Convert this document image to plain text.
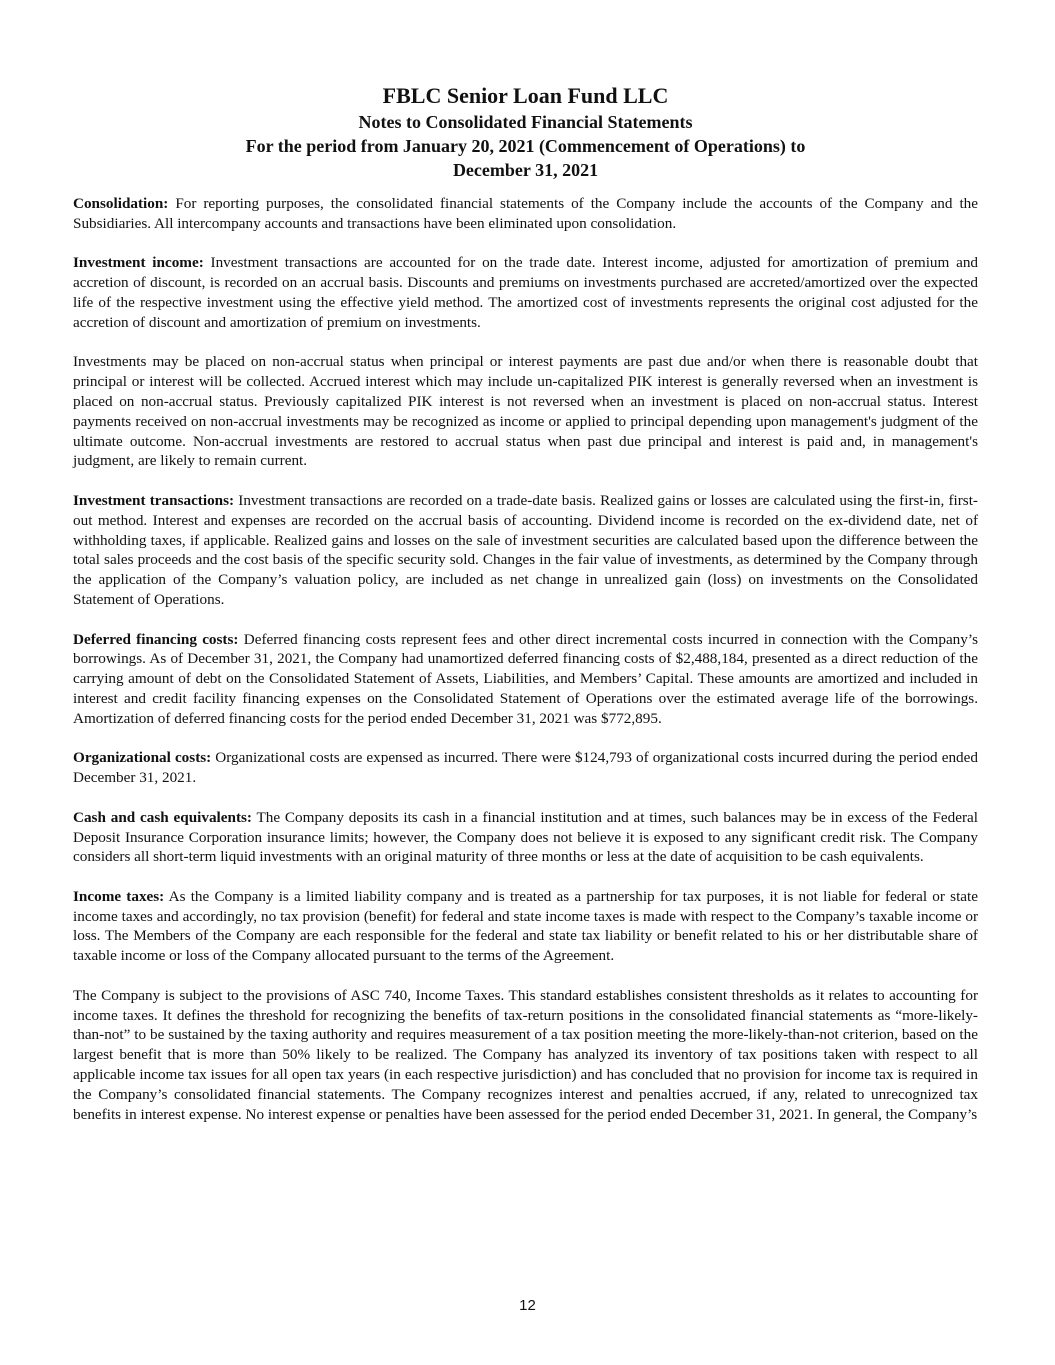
FBLC Senior Loan Fund LLC
Notes to Consolidated Financial Statements
For the period from January 20, 2021 (Commencement of Operations) to
December 31, 2021

Consolidation: For reporting purposes, the consolidated financial statements of the Company include the accounts of the Company and the Subsidiaries. All intercompany accounts and transactions have been eliminated upon consolidation.

Investment income: Investment transactions are accounted for on the trade date. Interest income, adjusted for amortization of premium and accretion of discount, is recorded on an accrual basis. Discounts and premiums on investments purchased are accreted/amortized over the expected life of the respective investment using the effective yield method. The amortized cost of investments represents the original cost adjusted for the accretion of discount and amortization of premium on investments.

Investments may be placed on non-accrual status when principal or interest payments are past due and/or when there is reasonable doubt that principal or interest will be collected. Accrued interest which may include un-capitalized PIK interest is generally reversed when an investment is placed on non-accrual status. Previously capitalized PIK interest is not reversed when an investment is placed on non-accrual status. Interest payments received on non-accrual investments may be recognized as income or applied to principal depending upon management's judgment of the ultimate outcome. Non-accrual investments are restored to accrual status when past due principal and interest is paid and, in management's judgment, are likely to remain current.

Investment transactions: Investment transactions are recorded on a trade-date basis. Realized gains or losses are calculated using the first-in, first-out method. Interest and expenses are recorded on the accrual basis of accounting. Dividend income is recorded on the ex-dividend date, net of withholding taxes, if applicable. Realized gains and losses on the sale of investment securities are calculated based upon the difference between the total sales proceeds and the cost basis of the specific security sold. Changes in the fair value of investments, as determined by the Company through the application of the Company’s valuation policy, are included as net change in unrealized gain (loss) on investments on the Consolidated Statement of Operations.

Deferred financing costs: Deferred financing costs represent fees and other direct incremental costs incurred in connection with the Company’s borrowings. As of December 31, 2021, the Company had unamortized deferred financing costs of $2,488,184, presented as a direct reduction of the carrying amount of debt on the Consolidated Statement of Assets, Liabilities, and Members’ Capital. These amounts are amortized and included in interest and credit facility financing expenses on the Consolidated Statement of Operations over the estimated average life of the borrowings. Amortization of deferred financing costs for the period ended December 31, 2021 was $772,895.

Organizational costs: Organizational costs are expensed as incurred. There were $124,793 of organizational costs incurred during the period ended December 31, 2021.

Cash and cash equivalents: The Company deposits its cash in a financial institution and at times, such balances may be in excess of the Federal Deposit Insurance Corporation insurance limits; however, the Company does not believe it is exposed to any significant credit risk. The Company considers all short-term liquid investments with an original maturity of three months or less at the date of acquisition to be cash equivalents.

Income taxes: As the Company is a limited liability company and is treated as a partnership for tax purposes, it is not liable for federal or state income taxes and accordingly, no tax provision (benefit) for federal and state income taxes is made with respect to the Company’s taxable income or loss. The Members of the Company are each responsible for the federal and state tax liability or benefit related to his or her distributable share of taxable income or loss of the Company allocated pursuant to the terms of the Agreement.

The Company is subject to the provisions of ASC 740, Income Taxes. This standard establishes consistent thresholds as it relates to accounting for income taxes. It defines the threshold for recognizing the benefits of tax-return positions in the consolidated financial statements as “more-likely-than-not” to be sustained by the taxing authority and requires measurement of a tax position meeting the more-likely-than-not criterion, based on the largest benefit that is more than 50% likely to be realized. The Company has analyzed its inventory of tax positions taken with respect to all applicable income tax issues for all open tax years (in each respective jurisdiction) and has concluded that no provision for income tax is required in the Company’s consolidated financial statements. The Company recognizes interest and penalties accrued, if any, related to unrecognized tax benefits in interest expense. No interest expense or penalties have been assessed for the period ended December 31, 2021. In general, the Company’s

12
